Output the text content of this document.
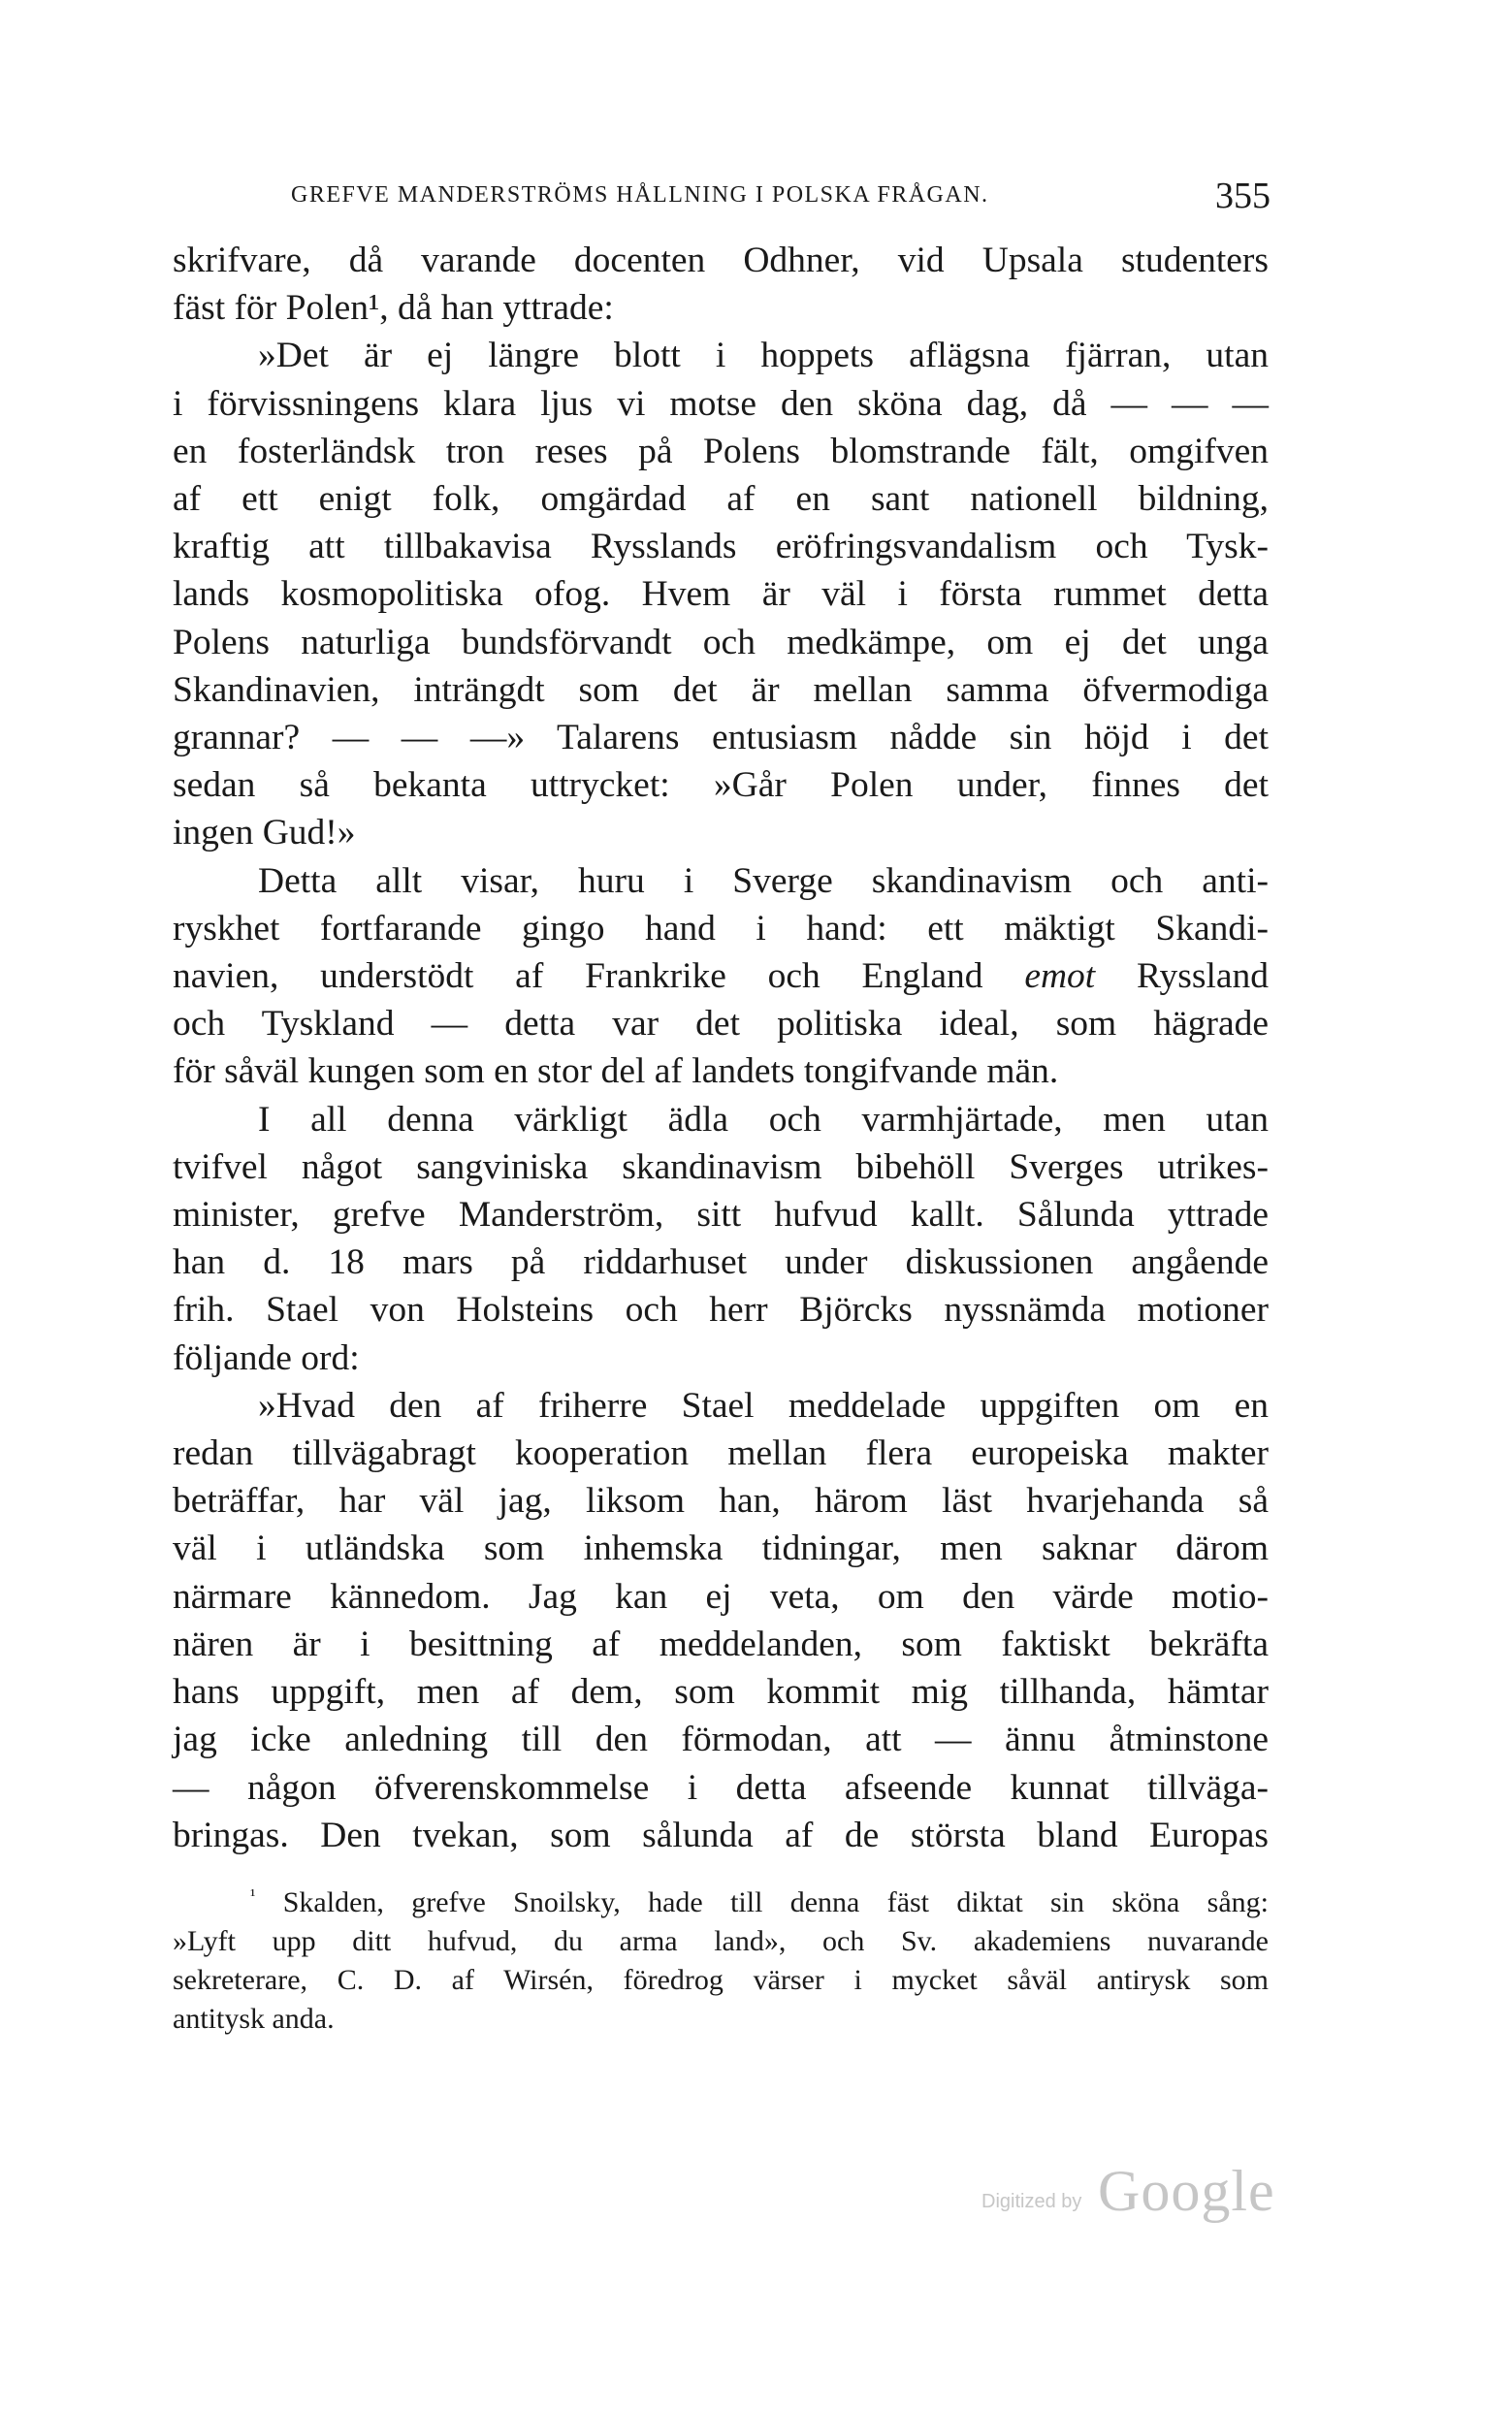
GREFVE MANDERSTRÖMS HÅLLNING I POLSKA FRÅGAN.	355
skrifvare, då varande docenten Odhner, vid Upsala studenters
fäst för Polen¹, då han yttrade:
»Det är ej längre blott i hoppets aflägsna fjärran, utan
i förvissningens klara ljus vi motse den sköna dag, då — — —
en fosterländsk tron reses på Polens blomstrande fält, omgifven
af ett enigt folk, omgärdad af en sant nationell bildning,
kraftig att tillbakavisa Rysslands eröfringsvandalism och Tysk-
lands kosmopolitiska ofog. Hvem är väl i första rummet detta
Polens naturliga bundsförvandt och medkämpe, om ej det unga
Skandinavien, inträngdt som det är mellan samma öfvermodiga
grannar? — — —» Talarens entusiasm nådde sin höjd i det
sedan så bekanta uttrycket: »Går Polen under, finnes det
ingen Gud!»
Detta allt visar, huru i Sverge skandinavism och anti-
ryskhet fortfarande gingo hand i hand: ett mäktigt Skandi-
navien, understödt af Frankrike och England emot Ryssland
och Tyskland — detta var det politiska ideal, som hägrade
för såväl kungen som en stor del af landets tongifvande män.
I all denna värkligt ädla och varmhjärtade, men utan
tvifvel något sangviniska skandinavism bibehöll Sverges utrikes-
minister, grefve Manderström, sitt hufvud kallt. Sålunda yttrade
han d. 18 mars på riddarhuset under diskussionen angående
frih. Stael von Holsteins och herr Björcks nyssnämda motioner
följande ord:
»Hvad den af friherre Stael meddelade uppgiften om en
redan tillvägabragt kooperation mellan flera europeiska makter
beträffar, har väl jag, liksom han, härom läst hvarjehanda så
väl i utländska som inhemska tidningar, men saknar därom
närmare kännedom. Jag kan ej veta, om den värde motio-
nären är i besittning af meddelanden, som faktiskt bekräfta
hans uppgift, men af dem, som kommit mig tillhanda, hämtar
jag icke anledning till den förmodan, att — ännu åtminstone
— någon öfverenskommelse i detta afseende kunnat tillväga-
bringas. Den tvekan, som sålunda af de största bland Europas
$^{^1}$ Skalden, grefve Snoilsky, hade till denna fäst diktat sin sköna sång:
»Lyft upp ditt hufvud, du arma land», och Sv. akademiens nuvarande
sekreterare, C. D. af Wirsén, föredrog värser i mycket såväl antirysk som
antitysk anda.
Digitized by Google
